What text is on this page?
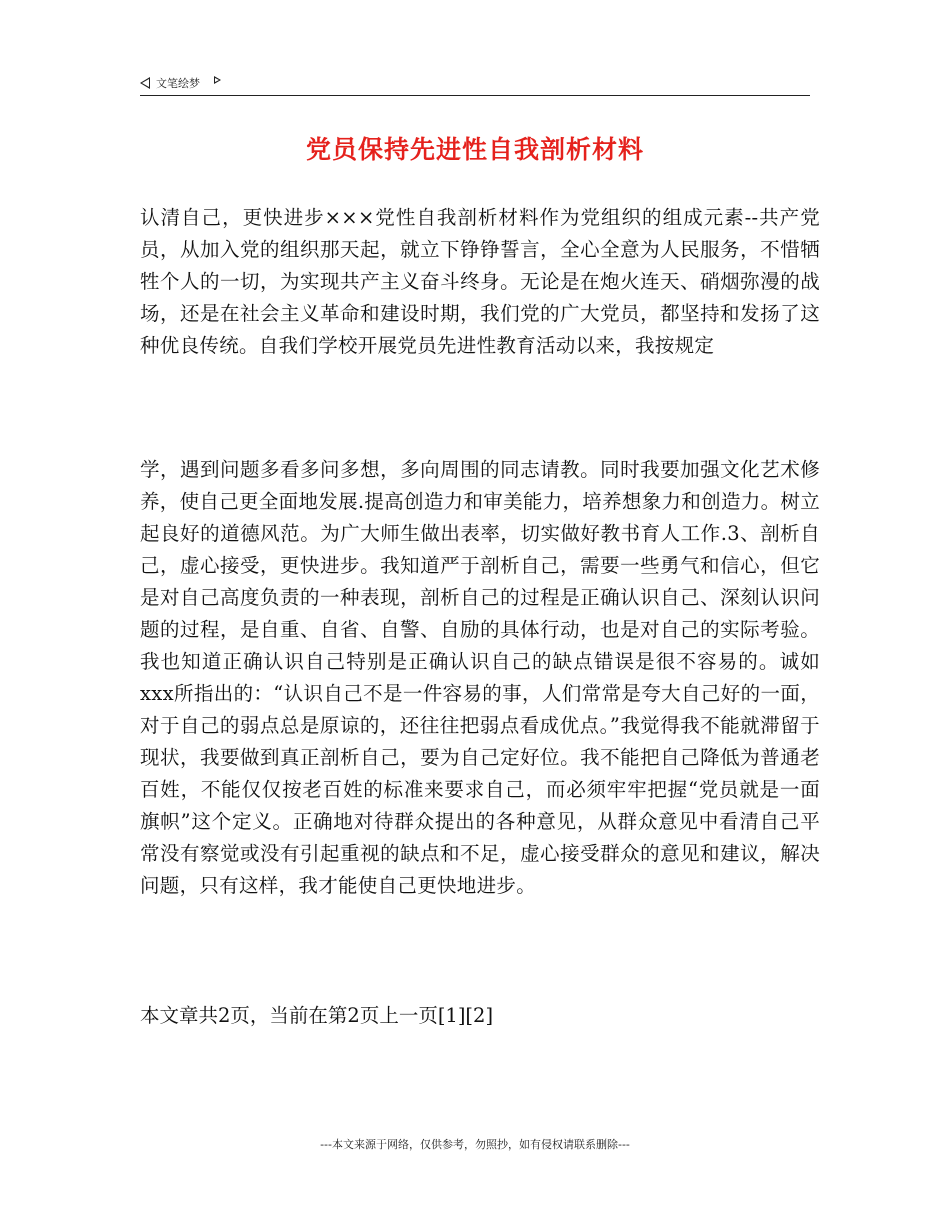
文笔绘梦
党员保持先进性自我剖析材料

认清自己，更快进步×××党性自我剖析材料作为党组织的组成元素--共产党员，从加入党的组织那天起，就立下铮铮誓言，全心全意为人民服务，不惜牺牲个人的一切，为实现共产主义奋斗终身。无论是在炮火连天、硝烟弥漫的战场，还是在社会主义革命和建设时期，我们党的广大党员，都坚持和发扬了这种优良传统。自我们学校开展党员先进性教育活动以来，我按规定

学，遇到问题多看多问多想，多向周围的同志请教。同时我要加强文化艺术修养，使自己更全面地发展.提高创造力和审美能力，培养想象力和创造力。树立起良好的道德风范。为广大师生做出表率，切实做好教书育人工作.3、剖析自己，虚心接受，更快进步。我知道严于剖析自己，需要一些勇气和信心，但它是对自己高度负责的一种表现，剖析自己的过程是正确认识自己、深刻认识问题的过程，是自重、自省、自警、自励的具体行动，也是对自己的实际考验。我也知道正确认识自己特别是正确认识自己的缺点错误是很不容易的。诚如xxx所指出的：“认识自己不是一件容易的事，人们常常是夸大自己好的一面，对于自己的弱点总是原谅的，还往往把弱点看成优点。”我觉得我不能就滞留于现状，我要做到真正剖析自己，要为自己定好位。我不能把自己降低为普通老百姓，不能仅仅按老百姓的标准来要求自己，而必须牢牢把握“党员就是一面旗帜”这个定义。正确地对待群众提出的各种意见，从群众意见中看清自己平常没有察觉或没有引起重视的缺点和不足，虚心接受群众的意见和建议，解决问题，只有这样，我才能使自己更快地进步。

本文章共2页，当前在第2页上一页[1][2]

---本文来源于网络，仅供参考，勿照抄，如有侵权请联系删除---
